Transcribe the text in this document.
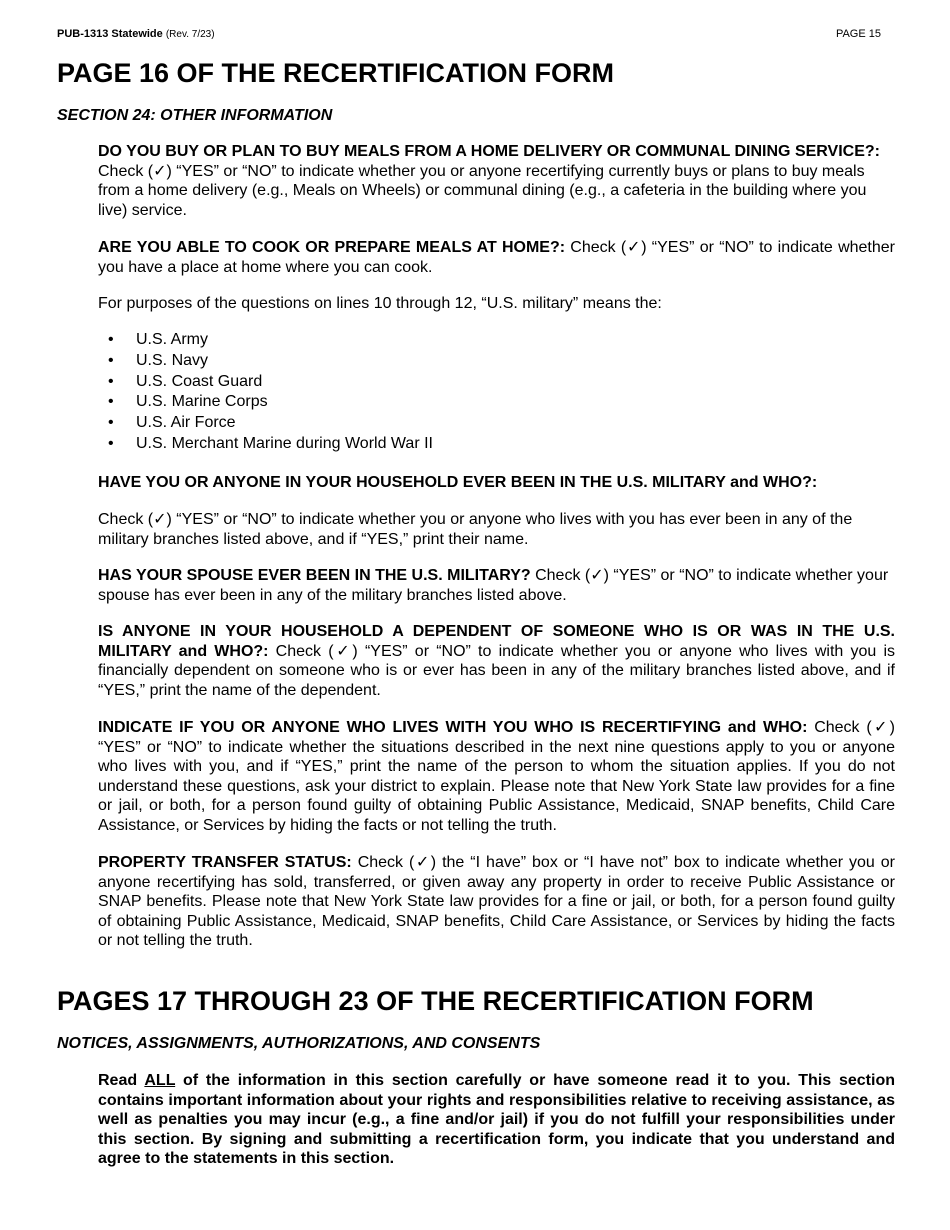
PUB-1313 Statewide (Rev. 7/23)	PAGE 15
PAGE 16 OF THE RECERTIFICATION FORM
SECTION 24: OTHER INFORMATION

DO YOU BUY OR PLAN TO BUY MEALS FROM A HOME DELIVERY OR COMMUNAL DINING SERVICE?: Check (✓) “YES” or “NO” to indicate whether you or anyone recertifying currently buys or plans to buy meals from a home delivery (e.g., Meals on Wheels) or communal dining (e.g., a cafeteria in the building where you live) service.

ARE YOU ABLE TO COOK OR PREPARE MEALS AT HOME?: Check (✓) “YES” or “NO” to indicate whether you have a place at home where you can cook.

For purposes of the questions on lines 10 through 12, “U.S. military” means the:

• U.S. Army
• U.S. Navy
• U.S. Coast Guard
• U.S. Marine Corps
• U.S. Air Force
• U.S. Merchant Marine during World War II

HAVE YOU OR ANYONE IN YOUR HOUSEHOLD EVER BEEN IN THE U.S. MILITARY and WHO?:

Check (✓) “YES” or “NO” to indicate whether you or anyone who lives with you has ever been in any of the military branches listed above, and if “YES,” print their name.

HAS YOUR SPOUSE EVER BEEN IN THE U.S. MILITARY? Check (✓) “YES” or “NO” to indicate whether your spouse has ever been in any of the military branches listed above.

IS ANYONE IN YOUR HOUSEHOLD A DEPENDENT OF SOMEONE WHO IS OR WAS IN THE U.S. MILITARY and WHO?: Check (✓) “YES” or “NO” to indicate whether you or anyone who lives with you is financially dependent on someone who is or ever has been in any of the military branches listed above, and if “YES,” print the name of the dependent.

INDICATE IF YOU OR ANYONE WHO LIVES WITH YOU WHO IS RECERTIFYING and WHO: Check (✓) “YES” or “NO” to indicate whether the situations described in the next nine questions apply to you or anyone who lives with you, and if “YES,” print the name of the person to whom the situation applies. If you do not understand these questions, ask your district to explain. Please note that New York State law provides for a fine or jail, or both, for a person found guilty of obtaining Public Assistance, Medicaid, SNAP benefits, Child Care Assistance, or Services by hiding the facts or not telling the truth.

PROPERTY TRANSFER STATUS: Check (✓) the “I have” box or “I have not” box to indicate whether you or anyone recertifying has sold, transferred, or given away any property in order to receive Public Assistance or SNAP benefits. Please note that New York State law provides for a fine or jail, or both, for a person found guilty of obtaining Public Assistance, Medicaid, SNAP benefits, Child Care Assistance, or Services by hiding the facts or not telling the truth.

PAGES 17 THROUGH 23 OF THE RECERTIFICATION FORM
NOTICES, ASSIGNMENTS, AUTHORIZATIONS, AND CONSENTS

Read ALL of the information in this section carefully or have someone read it to you. This section contains important information about your rights and responsibilities relative to receiving assistance, as well as penalties you may incur (e.g., a fine and/or jail) if you do not fulfill your responsibilities under this section. By signing and submitting a recertification form, you indicate that you understand and agree to the statements in this section.
